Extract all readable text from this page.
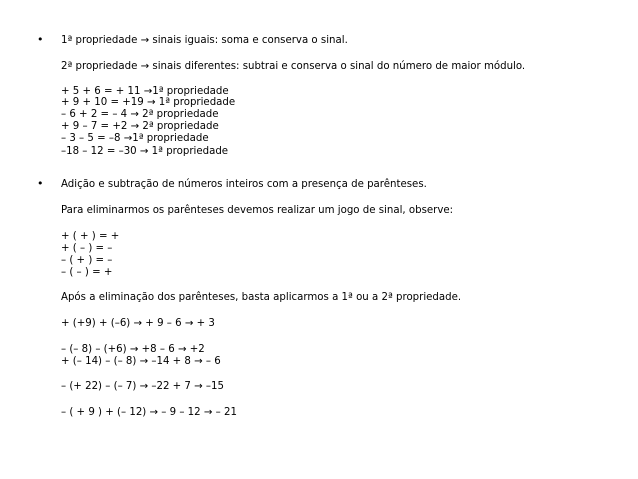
• 1ª propriedade → sinais iguais: soma e conserva o sinal.
2ª propriedade → sinais diferentes: subtrai e conserva o sinal do número de maior módulo.
+ 5 + 6 = + 11 →1ª propriedade
+ 9 + 10 = +19 → 1ª propriedade
– 6 + 2 = – 4 → 2ª propriedade
+ 9 – 7 = +2 → 2ª propriedade
– 3 – 5 = –8 →1ª propriedade
–18 – 12 = –30 → 1ª propriedade
• Adição e subtração de números inteiros com a presença de parênteses.
Para eliminarmos os parênteses devemos realizar um jogo de sinal, observe:
+ ( + ) = +
+ ( – ) = –
– ( + ) = –
– ( – ) = +
Após a eliminação dos parênteses, basta aplicarmos a 1ª ou a 2ª propriedade.
+ (+9) + (–6) → + 9 – 6 → + 3
– (– 8) – (+6) → +8 – 6 → +2
+ (– 14) – (– 8) → –14 + 8 → – 6
– (+ 22) – (– 7) → –22 + 7 → –15
– ( + 9 ) + (– 12) → – 9 – 12 → – 21
